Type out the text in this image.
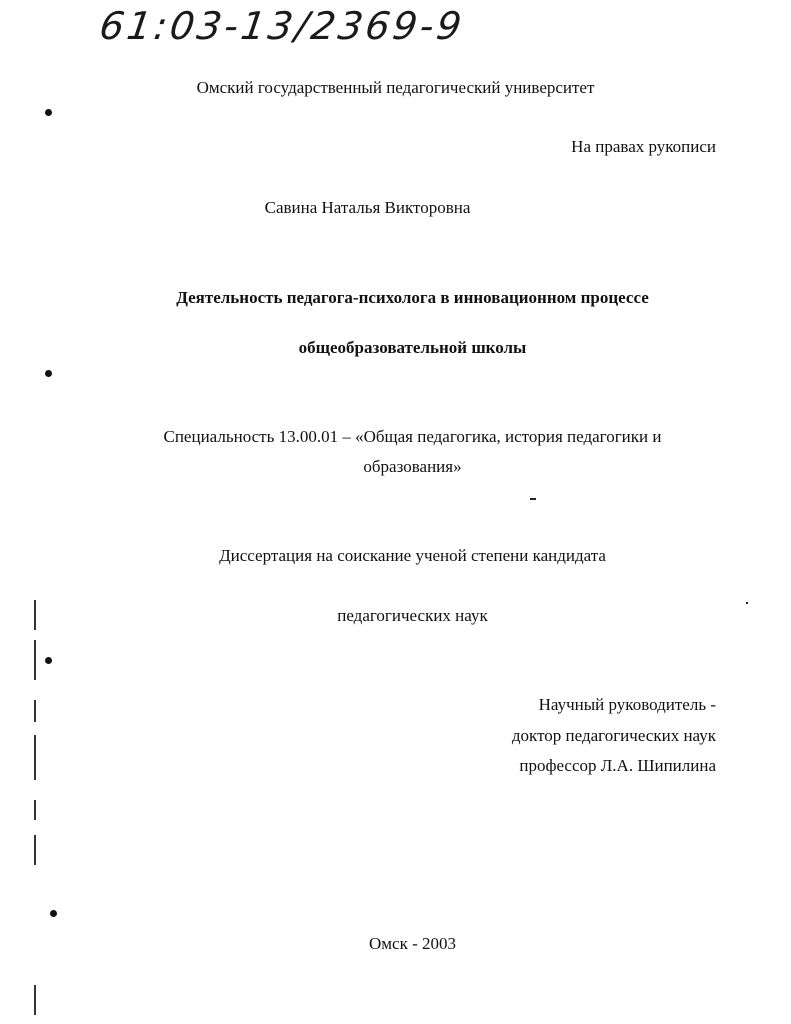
61:03-13/2369-9
Омский государственный педагогический университет
На правах рукописи
Савина Наталья Викторовна
Деятельность педагога-психолога в инновационном процессе
общеобразовательной школы
Специальность 13.00.01 – «Общая педагогика, история педагогики и
образования»
Диссертация на соискание ученой степени кандидата
педагогических наук
Научный руководитель -
доктор педагогических наук
профессор Л.А. Шипилина
Омск - 2003
